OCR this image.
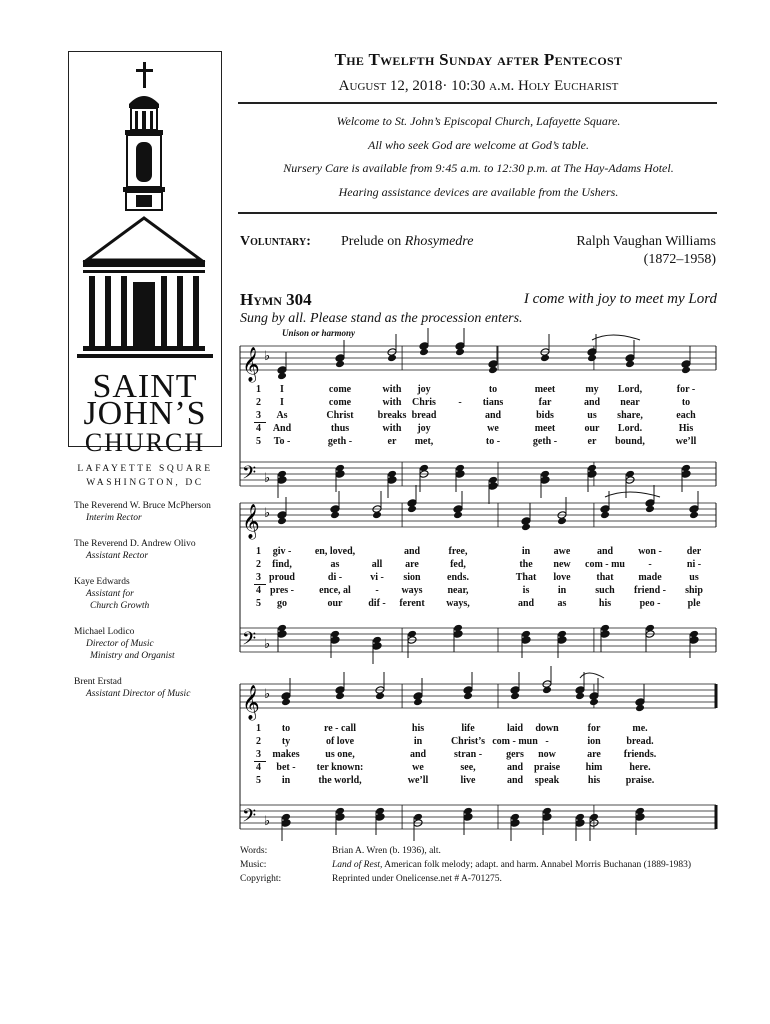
SAINT
JOHN’S
CHURCH
LAFAYETTE SQUARE
WASHINGTON, DC
The Reverend W. Bruce McPherson
Interim Rector
The Reverend D. Andrew Olivo
Assistant Rector
Kaye Edwards
Assistant for
Church Growth
Michael Lodico
Director of Music
Ministry and Organist
Brent Erstad
Assistant Director of Music
The Twelfth Sunday after Pentecost
August 12, 2018· 10:30 a.m. Holy Eucharist
Welcome to St. John’s Episcopal Church, Lafayette Square.
All who seek God are welcome at God’s table.
Nursery Care is available from 9:45 a.m. to 12:30 p.m. at The Hay-Adams Hotel.
Hearing assistance devices are available from the Ushers.
Voluntary: Prelude on Rhosymedre	Ralph Vaughan Williams
(1872–1958)
Hymn 304	I come with joy to meet my Lord
Sung by all. Please stand as the procession enters.
Unison or harmony
𝄞 ♭
𝄢 ♭
𝄞 ♭
𝄢 ♭
𝄞 ♭
𝄢 ♭
1 I	come	with joy	to	meet	my Lord,	for -
2 I	come	with Chris - tians	far	and near	to
3 As	Christ breaks bread	and	bids	us share,	each
4 And	thus	with joy	we	meet	our Lord.	His
5 To -	geth -	er met,	to -	geth -	er bound,	we’ll
1 giv - en, loved,	and	free,	in awe	and	won - der
2 find,	as	all are	fed,	the new com - mu -	ni -
3 proud	di -	vi - sion	ends.	That love	that made	us
4 pres -	ence, al - ways near,	is	in	such friend - ship
5 go	our	dif - ferent ways,	and as	his	peo -	ple
1 to	re - call	his	life	laid down	for	me.
2 ty	of love	in	Christ’s com - mun -	ion	bread.
3 makes	us one,	and	stran - gers now	are friends.
4 bet - ter known:	we	see,	and praise	him	here.
5 in	the world,	we’ll	live	and speak	his	praise.
Words:	Brian A. Wren (b. 1936), alt.
Music:	Land of Rest, American folk melody; adapt. and harm. Annabel Morris Buchanan (1889-1983)
Copyright:	Reprinted under Onelicense.net # A-701275.
